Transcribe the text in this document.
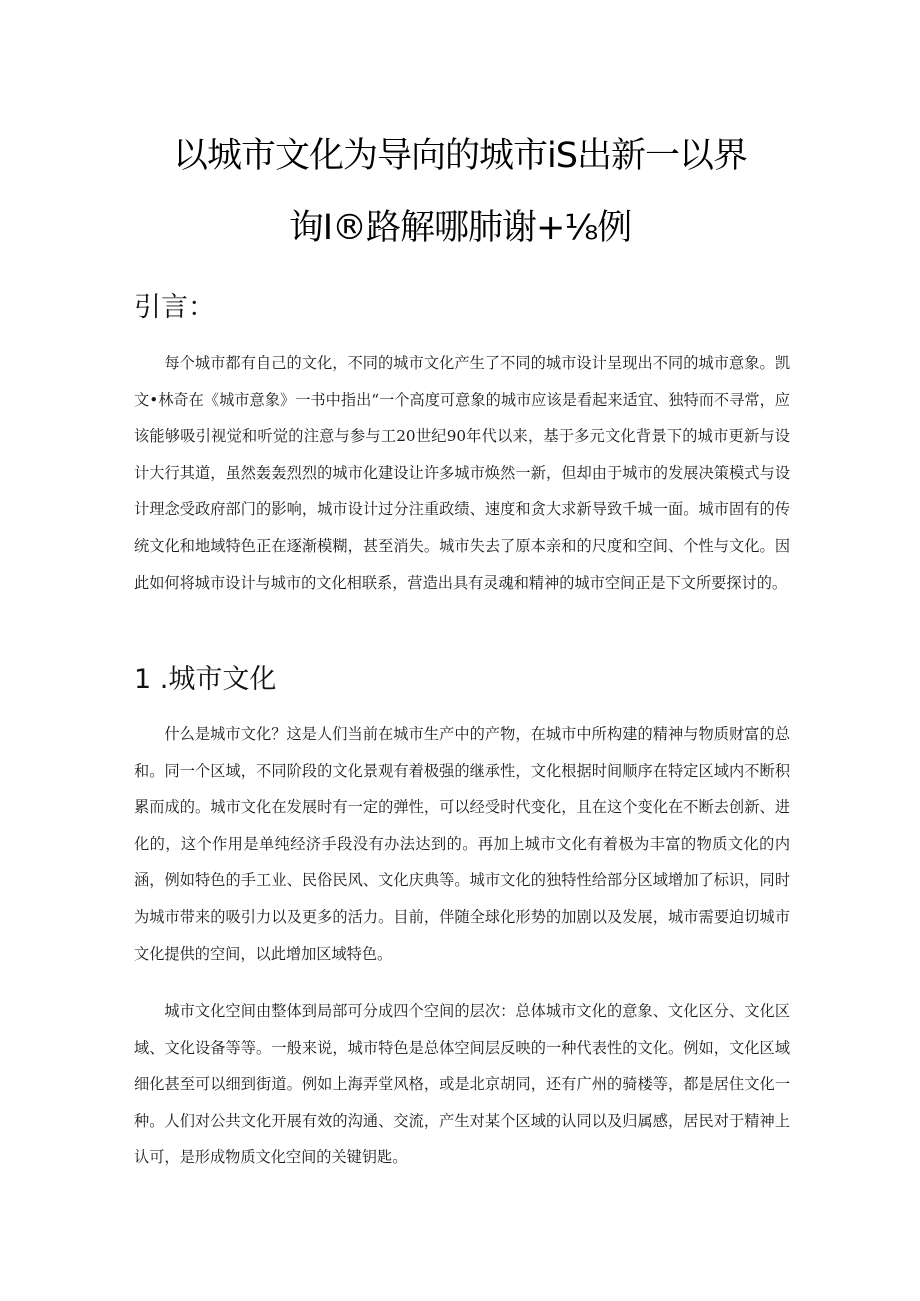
以城市文化为导向的城市iS出新一以界
询I®路解哪肺谢+⅛例
引言：

每个城市都有自己的文化，不同的城市文化产生了不同的城市设计呈现出不同的城市意象。凯文•林奇在《城市意象》一书中指出“一个高度可意象的城市应该是看起来适宜、独特而不寻常，应该能够吸引视觉和听觉的注意与参与工20世纪90年代以来，基于多元文化背景下的城市更新与设计大行其道，虽然轰轰烈烈的城市化建设让许多城市焕然一新，但却由于城市的发展决策模式与设计理念受政府部门的影响，城市设计过分注重政绩、速度和贪大求新导致千城一面。城市固有的传统文化和地域特色正在逐渐模糊，甚至消失。城市失去了原本亲和的尺度和空间、个性与文化。因此如何将城市设计与城市的文化相联系，营造出具有灵魂和精神的城市空间正是下文所要探讨的。

1 .城市文化

什么是城市文化？这是人们当前在城市生产中的产物，在城市中所构建的精神与物质财富的总和。同一个区域，不同阶段的文化景观有着极强的继承性，文化根据时间顺序在特定区域内不断积累而成的。城市文化在发展时有一定的弹性，可以经受时代变化，且在这个变化在不断去创新、进化的，这个作用是单纯经济手段没有办法达到的。再加上城市文化有着极为丰富的物质文化的内涵，例如特色的手工业、民俗民风、文化庆典等。城市文化的独特性给部分区域增加了标识，同时为城市带来的吸引力以及更多的活力。目前，伴随全球化形势的加剧以及发展，城市需要迫切城市文化提供的空间，以此增加区域特色。

城市文化空间由整体到局部可分成四个空间的层次：总体城市文化的意象、文化区分、文化区域、文化设备等等。一般来说，城市特色是总体空间层反映的一种代表性的文化。例如，文化区域细化甚至可以细到街道。例如上海弄堂风格，或是北京胡同，还有广州的骑楼等，都是居住文化一种。人们对公共文化开展有效的沟通、交流，产生对某个区域的认同以及归属感，居民对于精神上认可，是形成物质文化空间的关键钥匙。
